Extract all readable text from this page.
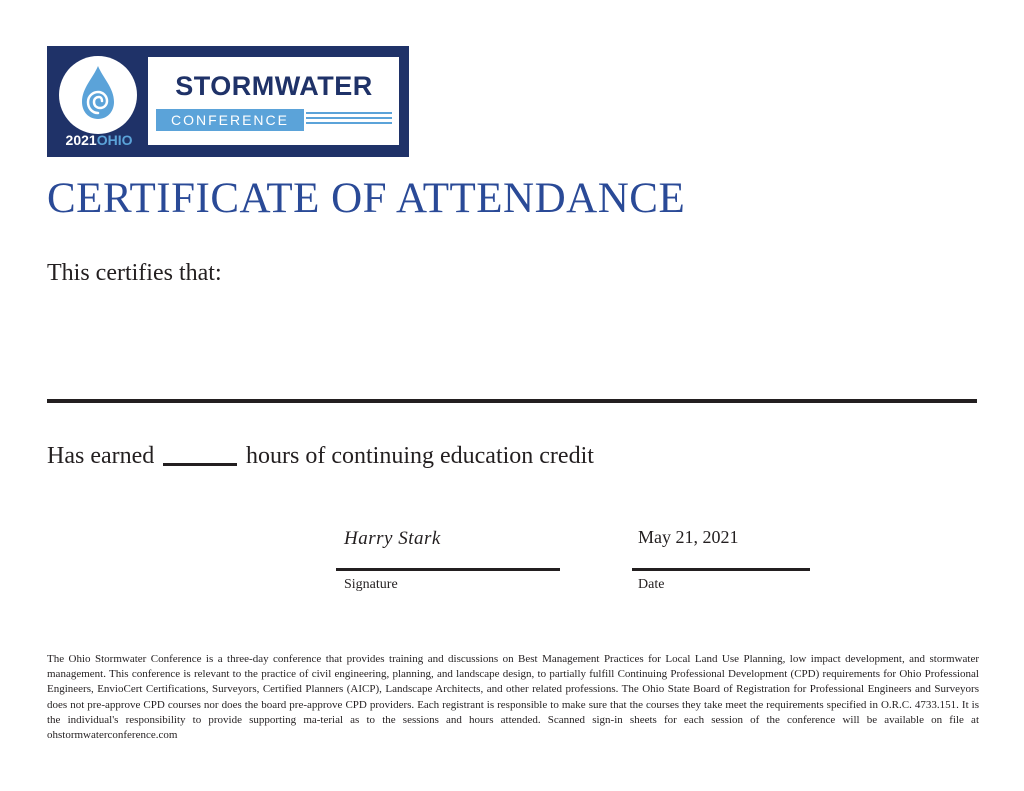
2021OHIO
STORMWATER
CONFERENCE
CERTIFICATE OF ATTENDANCE
This certifies that:
Has earned	hours of continuing education credit
Harry Stark
Signature
May 21, 2021
Date

The Ohio Stormwater Conference is a three-day conference that provides training and discussions on Best Management Practices for Local Land Use Planning, low impact development, and stormwater management. This conference is relevant to the practice of civil engineering, planning, and landscape design, to partially fulfill Continuing Professional Development (CPD) requirements for Ohio Professional Engineers, EnvioCert Certifications, Surveyors, Certified Planners (AICP), Landscape Architects, and other related professions. The Ohio State Board of Registration for Professional Engineers and Surveyors does not pre-approve CPD courses nor does the board pre-approve CPD providers. Each registrant is responsible to make sure that the courses they take meet the requirements specified in O.R.C. 4733.151. It is the individual's responsibility to provide supporting ma-terial as to the sessions and hours attended. Scanned sign-in sheets for each session of the conference will be available on file at ohstormwaterconference.com
